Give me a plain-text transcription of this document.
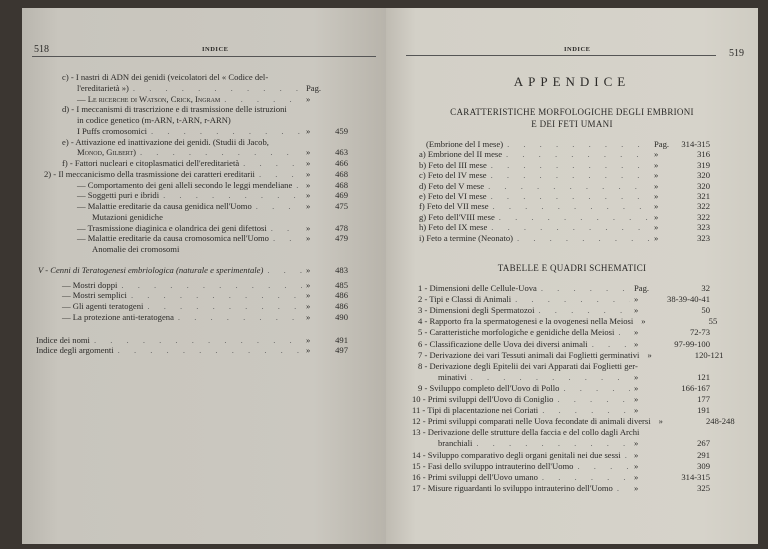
518	INDICE
c) - I nastri di ADN dei genidi (veicolatori del « Codice del-
l'ereditarietà ») . . .	Pag.
— Le ricerche di Watson, Crick, Ingram . . .	»
d) - I meccanismi di trascrizione e di trasmissione delle istruzioni
in codice genetico (m-ARN, t-ARN, r-ARN)
I Puffs cromosomici . . .	»	459
e) - Attivazione ed inattivazione dei genidi. (Studii di Jacob,
Monod, Gilbert) . . .	»	463
f) - Fattori nucleari e citoplasmatici dell'ereditarietà . . .	»	466
2) - Il meccanicismo della trasmissione dei caratteri ereditarii . . .	»	468
— Comportamento dei geni alleli secondo le leggi mendeliane . . . »	468
— Soggetti puri e ibridi . . .	»	469
— Malattie ereditarie da causa genidica nell'Uomo . . .	»	475
Mutazioni genidiche
— Trasmissione diaginica e olandrica dei geni difettosi . . .	»	478
— Malattie ereditarie da causa cromosomica nell'Uomo . . .	»	479
Anomalie dei cromosomi
V - Cenni di Teratogenesi embriologica (naturale e sperimentale) . . .	»	483
— Mostri doppi . . .	»	485
— Mostri semplici . . .	»	486
— Gli agenti teratogeni . . .	»	486
— La protezione anti-teratogena . . .	»	490
Indice dei nomi . . .	»	491
Indice degli argomenti . . .	»	497
INDICE	519
APPENDICE
CARATTERISTICHE MORFOLOGICHE DEGLI EMBRIONI
E DEI FETI UMANI
TABELLE E QUADRI SCHEMATICI
(Embrione del I mese) . . .	Pag.	314-315
a) Embrione del II mese . . .	»	316
b) Feto del III mese . . .	»	319
c) Feto del IV mese . . .	»	320
d) Feto del V mese . . .	»	320
e) Feto del VI mese . . .	»	321
f) Feto del VII mese . . .	»	322
g) Feto dell'VIII mese . . .	»	322
h) Feto del IX mese . . .	»	323
i) Feto a termine (Neonato) . . .	»	323
1 - Dimensioni delle Cellule-Uova . . .	Pag.	32
2 - Tipi e Classi di Animali . . .	»	38-39-40-41
3 - Dimensioni degli Spermatozoi . . .	»	50
4 - Rapporto fra la spermatogenesi e la ovogenesi nella Meiosi »	55
5 - Caratteristiche morfologiche e genidiche della Meiosi . . . »	72-73
6 - Classificazione delle Uova dei diversi animali . . .	»	97-99-100
7 - Derivazione dei vari Tessuti animali dai Foglietti germinativi »	120-121
8 - Derivazione degli Epitelii dei vari Apparati dai Foglietti ger-
minativi . . .	»	121
9 - Sviluppo completo dell'Uovo di Pollo . . .	»	166-167
10 - Primi sviluppi dell'Uovo di Coniglio . . .	»	177
11 - Tipi di placentazione nei Coriati . . .	»	191
12 - Primi sviluppi comparati nelle Uova fecondate di animali diversi »	248-248
13 - Derivazione delle strutture della faccia e del collo dagli Archi
branchiali . . .	»	267
14 - Sviluppo comparativo degli organi genitali nei due sessi . . . »	291
15 - Fasi dello sviluppo intrauterino dell'Uomo . . .	»	309
16 - Primi sviluppi dell'Uovo umano . . .	»	314-315
17 - Misure riguardanti lo sviluppo intrauterino dell'Uomo . . . »	325
